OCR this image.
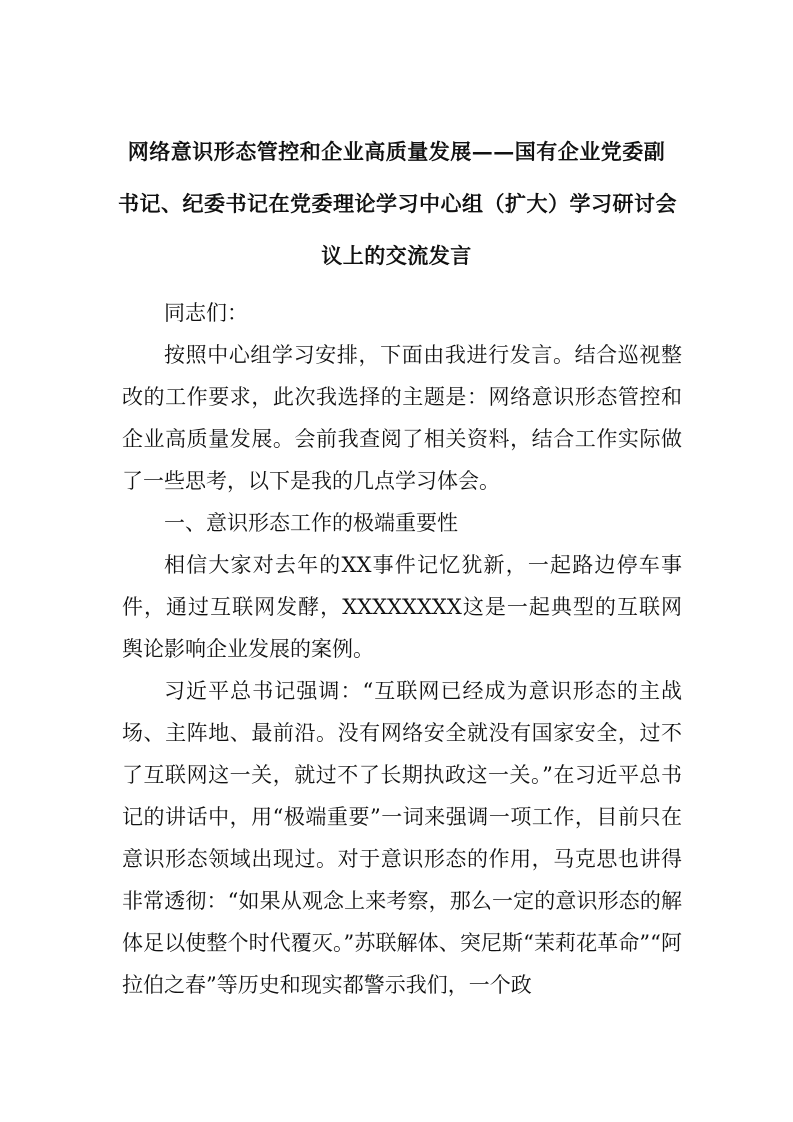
网络意识形态管控和企业高质量发展——国有企业党委副
书记、纪委书记在党委理论学习中心组（扩大）学习研讨会
议上的交流发言

同志们：

按照中心组学习安排，下面由我进行发言。结合巡视整改的工作要求，此次我选择的主题是：网络意识形态管控和企业高质量发展。会前我查阅了相关资料，结合工作实际做了一些思考，以下是我的几点学习体会。

一、意识形态工作的极端重要性

相信大家对去年的XX事件记忆犹新，一起路边停车事件，通过互联网发酵，XXXXXXXX这是一起典型的互联网舆论影响企业发展的案例。

习近平总书记强调：“互联网已经成为意识形态的主战场、主阵地、最前沿。没有网络安全就没有国家安全，过不了互联网这一关，就过不了长期执政这一关。”在习近平总书记的讲话中，用“极端重要”一词来强调一项工作，目前只在意识形态领域出现过。对于意识形态的作用，马克思也讲得非常透彻：“如果从观念上来考察，那么一定的意识形态的解体足以使整个时代覆灭。”苏联解体、突尼斯“茉莉花革命”“阿拉伯之春”等历史和现实都警示我们，一个政
